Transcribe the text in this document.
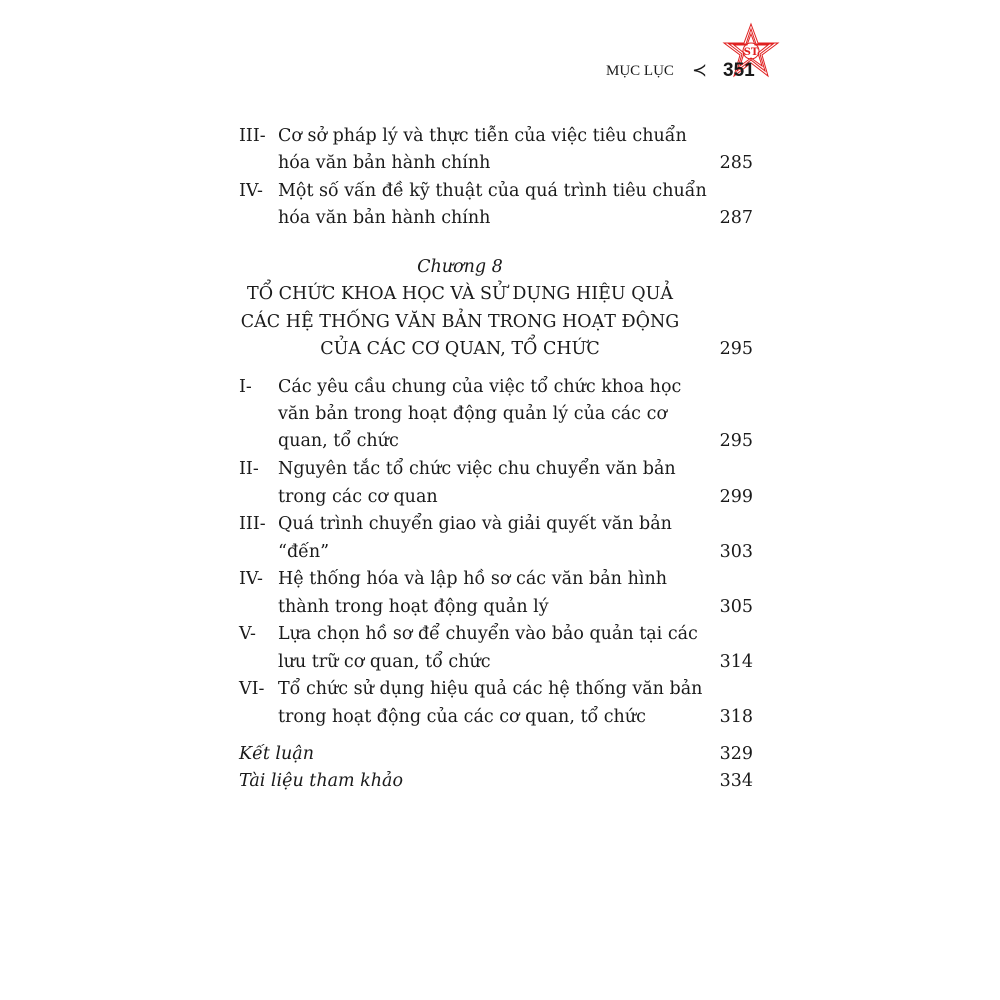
MỤC LỤC ≺
ST
351
III- Cơ sở pháp lý và thực tiễn của việc tiêu chuẩn
hóa văn bản hành chính	285
IV- Một số vấn đề kỹ thuật của quá trình tiêu chuẩn
hóa văn bản hành chính	287
Chương 8
TỔ CHỨC KHOA HỌC VÀ SỬ DỤNG HIỆU QUẢ
CÁC HỆ THỐNG VĂN BẢN TRONG HOẠT ĐỘNG
CỦA CÁC CƠ QUAN, TỔ CHỨC	295
I- Các yêu cầu chung của việc tổ chức khoa học
văn bản trong hoạt động quản lý của các cơ
quan, tổ chức	295
II- Nguyên tắc tổ chức việc chu chuyển văn bản
trong các cơ quan	299
III- Quá trình chuyển giao và giải quyết văn bản
“đến”	303
IV- Hệ thống hóa và lập hồ sơ các văn bản hình
thành trong hoạt động quản lý	305
V- Lựa chọn hồ sơ để chuyển vào bảo quản tại các
lưu trữ cơ quan, tổ chức	314
VI- Tổ chức sử dụng hiệu quả các hệ thống văn bản
trong hoạt động của các cơ quan, tổ chức	318
Kết luận	329
Tài liệu tham khảo	334
